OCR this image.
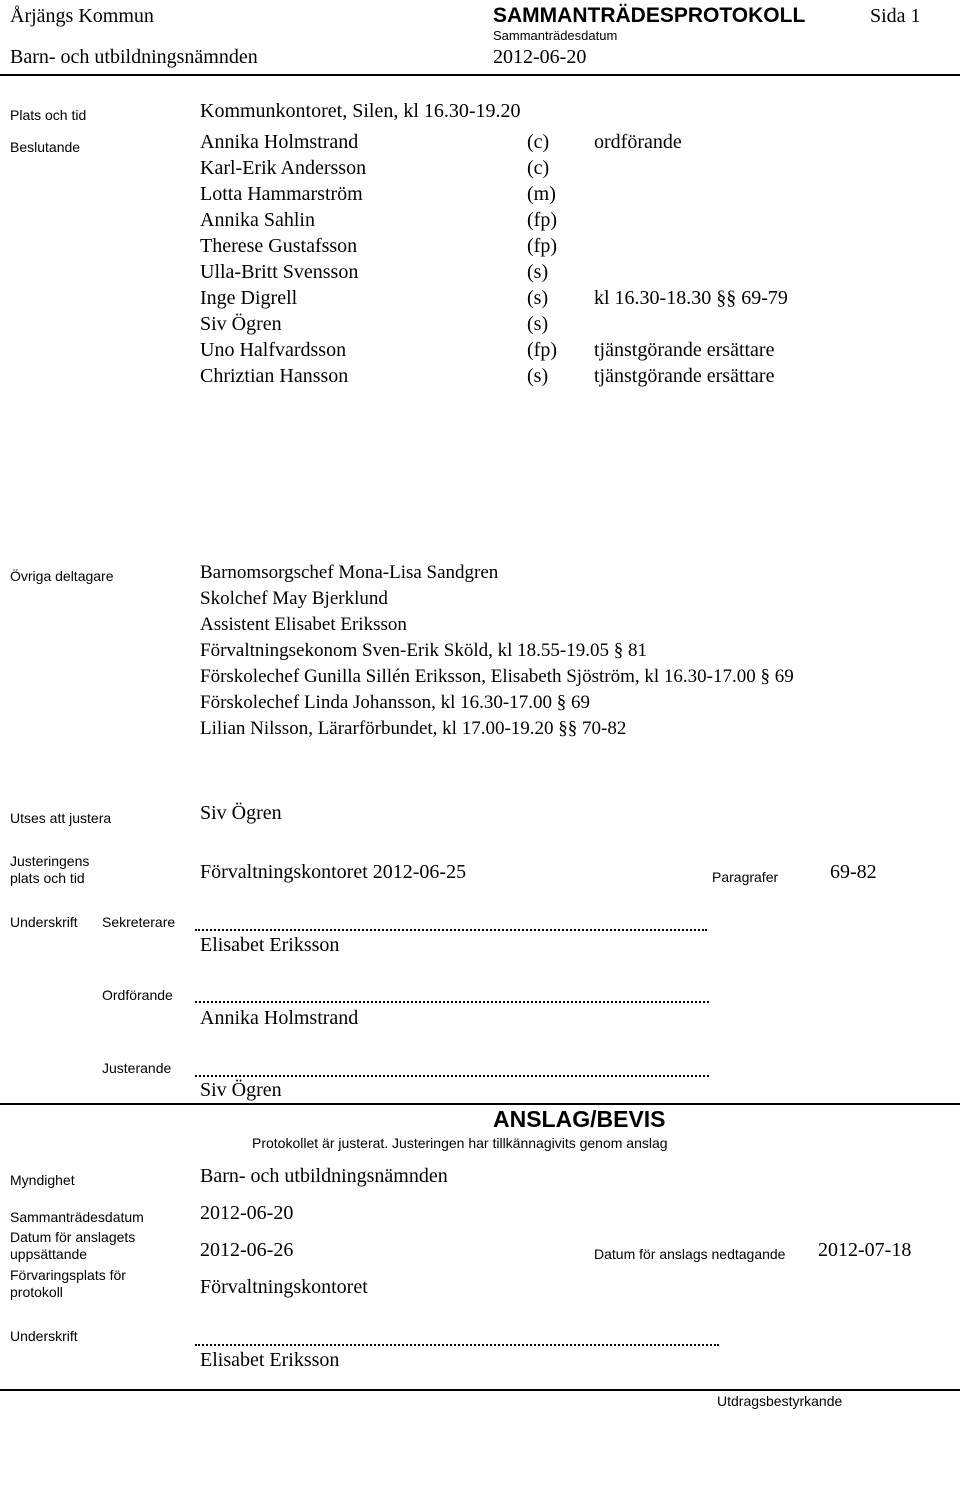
Årjängs Kommun	SAMMANTRÄDESPROTOKOLL	Sida 1
Sammanträdesdatum
Barn- och utbildningsnämnden	2012-06-20
Plats och tid	Kommunkontoret, Silen, kl 16.30-19.20
Beslutande	Annika Holmstrand	(c) ordförande
Karl-Erik Andersson	(c)
Lotta Hammarström	(m)
Annika Sahlin	(fp)
Therese Gustafsson	(fp)
Ulla-Britt Svensson	(s)
Inge Digrell	(s) kl 16.30-18.30 §§ 69-79
Siv Ögren	(s)
Uno Halfvardsson	(fp) tjänstgörande ersättare
Chriztian Hansson	(s) tjänstgörande ersättare
Övriga deltagare	Barnomsorgschef Mona-Lisa Sandgren
Skolchef May Bjerklund
Assistent Elisabet Eriksson
Förvaltningsekonom Sven-Erik Sköld, kl 18.55-19.05 § 81
Förskolechef Gunilla Sillén Eriksson, Elisabeth Sjöström, kl 16.30-17.00 § 69
Förskolechef Linda Johansson, kl 16.30-17.00 § 69
Lilian Nilsson, Lärarförbundet, kl 17.00-19.20 §§ 70-82
Utses att justera	Siv Ögren
Justeringens
plats och tid	Förvaltningskontoret 2012-06-25	Paragrafer	69-82
Underskrift Sekreterare
Elisabet Eriksson
Ordförande
Annika Holmstrand
Justerande
Siv Ögren
ANSLAG/BEVIS
Protokollet är justerat. Justeringen har tillkännagivits genom anslag
Myndighet	Barn- och utbildningsnämnden
Sammanträdesdatum	2012-06-20
Datum för anslagets
uppsättande	2012-06-26	Datum för anslags nedtagande 2012-07-18
Förvaringsplats för
protokoll	Förvaltningskontoret
Underskrift
Elisabet Eriksson
Utdragsbestyrkande
